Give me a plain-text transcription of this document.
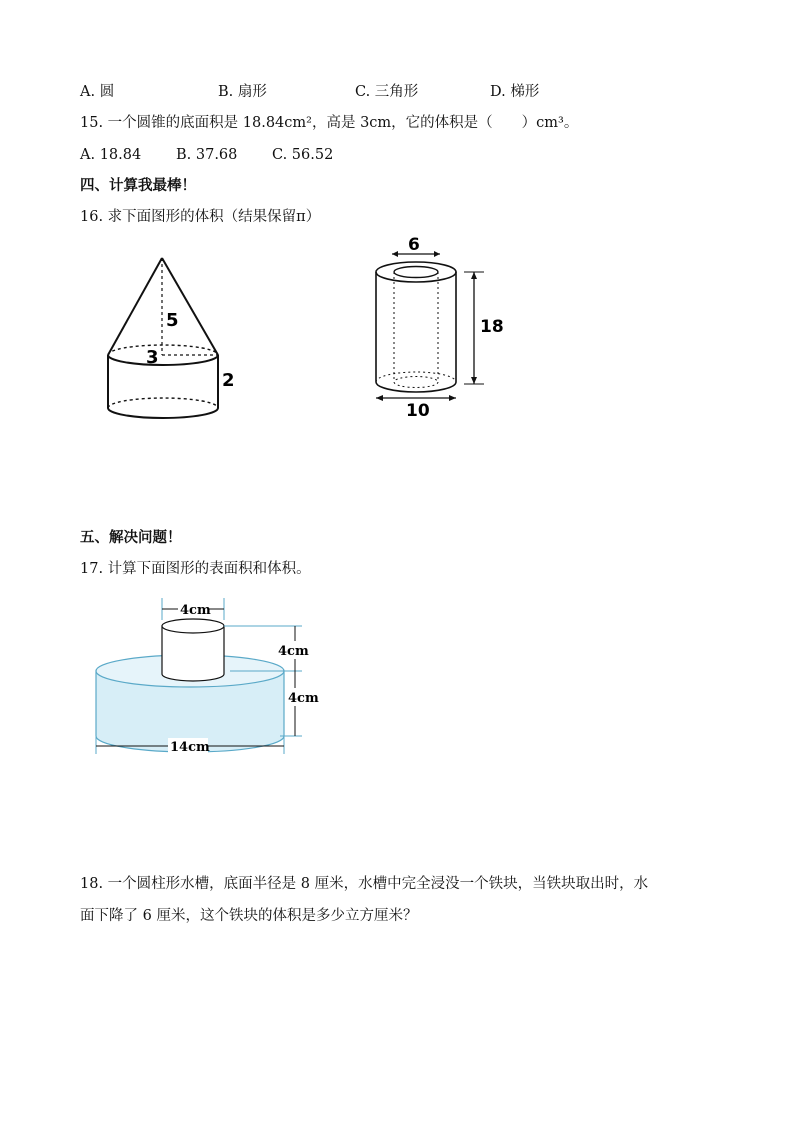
A. 圆	B. 扇形	C. 三角形	D. 梯形
15. 一个圆锥的底面积是 18.84cm²，高是 3cm，它的体积是（　　）cm³。
A. 18.84 B. 37.68 C. 56.52
四、计算我最棒！
16. 求下面图形的体积（结果保留π）
5
3
2
6
18
10
五、解决问题！
17. 计算下面图形的表面积和体积。
4cm
4cm
4cm
14cm
18. 一个圆柱形水槽，底面半径是 8 厘米，水槽中完全浸没一个铁块，当铁块取出时，水
面下降了 6 厘米，这个铁块的体积是多少立方厘米？
